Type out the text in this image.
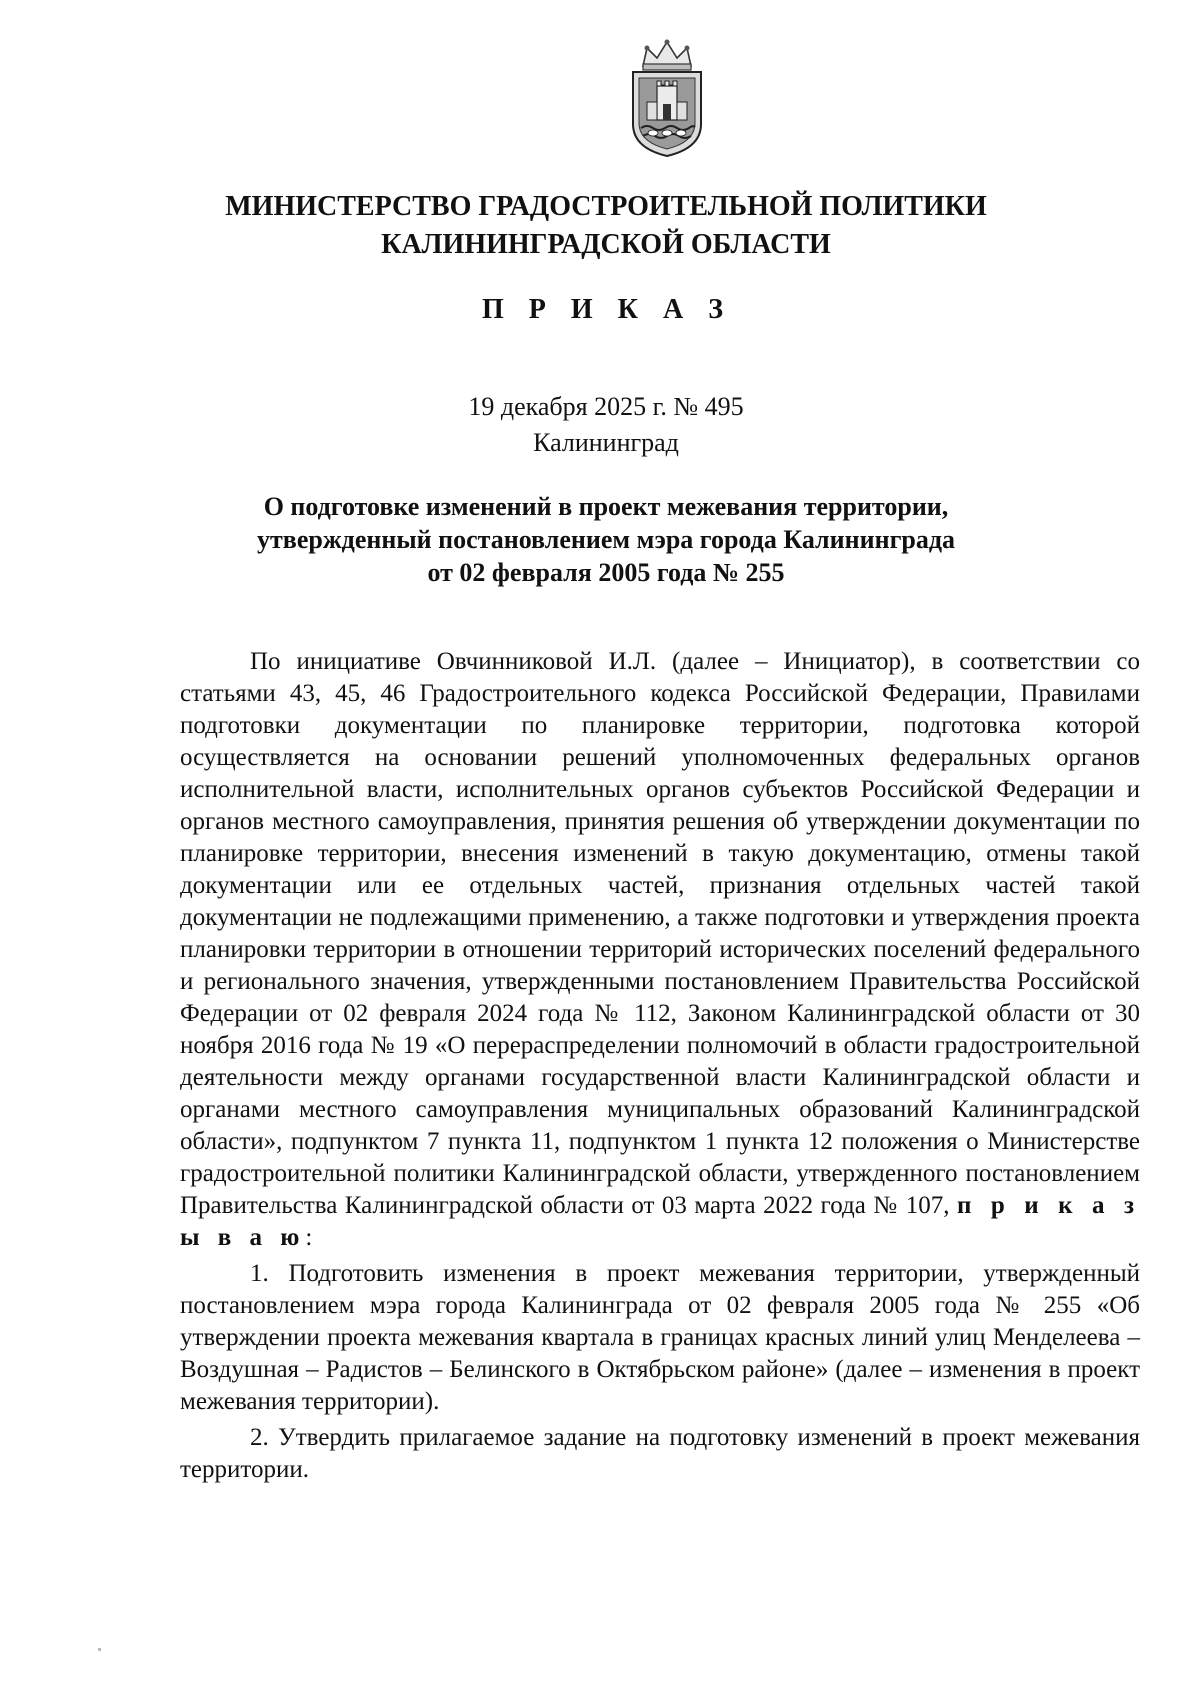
МИНИСТЕРСТВО ГРАДОСТРОИТЕЛЬНОЙ ПОЛИТИКИ
КАЛИНИНГРАДСКОЙ ОБЛАСТИ
П Р И К А З
19 декабря 2025 г. № 495
Калининград
О подготовке изменений в проект межевания территории,
утвержденный постановлением мэра города Калининграда
от 02 февраля 2005 года № 255

По инициативе Овчинниковой И.Л. (далее – Инициатор), в соответствии со статьями 43, 45, 46 Градостроительного кодекса Российской Федерации, Правилами подготовки документации по планировке территории, подготовка которой осуществляется на основании решений уполномоченных федеральных органов исполнительной власти, исполнительных органов субъектов Российской Федерации и органов местного самоуправления, принятия решения об утверждении документации по планировке территории, внесения изменений в такую документацию, отмены такой документации или ее отдельных частей, признания отдельных частей такой документации не подлежащими применению, а также подготовки и утверждения проекта планировки территории в отношении территорий исторических поселений федерального и регионального значения, утвержденными постановлением Правительства Российской Федерации от 02 февраля 2024 года № 112, Законом Калининградской области от 30 ноября 2016 года № 19 «О перераспределении полномочий в области градостроительной деятельности между органами государственной власти Калининградской области и органами местного самоуправления муниципальных образований Калининградской области», подпунктом 7 пункта 11, подпунктом 1 пункта 12 положения о Министерстве градостроительной политики Калининградской области, утвержденного постановлением Правительства Калининградской области от 03 марта 2022 года № 107, п р и к а з ы в а ю:

1. Подготовить изменения в проект межевания территории, утвержденный постановлением мэра города Калининграда от 02 февраля 2005 года № 255 «Об утверждении проекта межевания квартала в границах красных линий улиц Менделеева – Воздушная – Радистов – Белинского в Октябрьском районе» (далее – изменения в проект межевания территории).

2. Утвердить прилагаемое задание на подготовку изменений в проект межевания территории.
